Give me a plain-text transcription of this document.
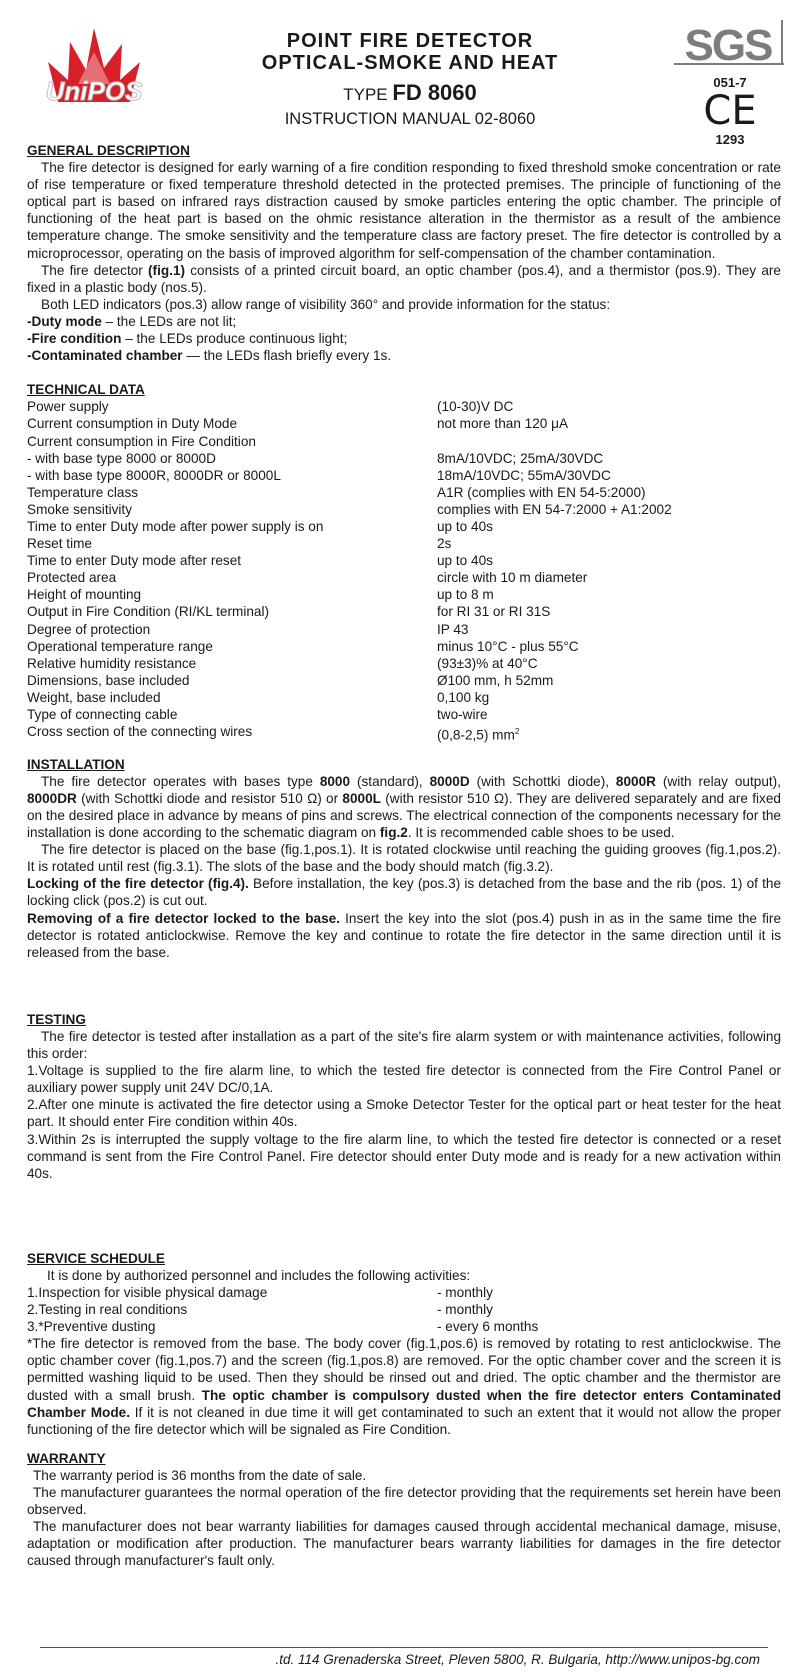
UniPOS
POINT FIRE DETECTOR
OPTICAL-SMOKE AND HEAT
TYPE FD 8060
INSTRUCTION MANUAL 02-8060
SGS
051-7
CE
1293
GENERAL DESCRIPTION

The fire detector is designed for early warning of a fire condition responding to fixed threshold smoke concentration or rate of rise temperature or fixed temperature threshold detected in the protected premises. The principle of functioning of the optical part is based on infrared rays distraction caused by smoke particles entering the optic chamber. The principle of functioning of the heat part is based on the ohmic resistance alteration in the thermistor as a result of the ambience temperature change. The smoke sensitivity and the temperature class are factory preset. The fire detector is controlled by a microprocessor, operating on the basis of improved algorithm for self-compensation of the chamber contamination.

The fire detector (fig.1) consists of a printed circuit board, an optic chamber (pos.4), and a thermistor (pos.9). They are fixed in a plastic body (nos.5).

Both LED indicators (pos.3) allow range of visibility 360° and provide information for the status:

-Duty mode – the LEDs are not lit;

-Fire condition – the LEDs produce continuous light;

-Contaminated chamber — the LEDs flash briefly every 1s.

TECHNICAL DATA
Power supply	(10-30)V DC
Current consumption in Duty Mode	not more than 120 μA
Current consumption in Fire Condition
- with base type 8000 or 8000D	8mA/10VDC; 25mA/30VDC
- with base type 8000R, 8000DR or 8000L	18mA/10VDC; 55mA/30VDC
Temperature class	A1R (complies with EN 54-5:2000)
Smoke sensitivity	complies with EN 54-7:2000 + A1:2002
Time to enter Duty mode after power supply is on	up to 40s
Reset time	2s
Time to enter Duty mode after reset	up to 40s
Protected area	circle with 10 m diameter
Height of mounting	up to 8 m
Output in Fire Condition (RI/KL terminal)	for RI 31 or RI 31S
Degree of protection	IP 43
Operational temperature range	minus 10°C - plus 55°C
Relative humidity resistance	(93±3)% at 40°C
Dimensions, base included	Ø100 mm, h 52mm
Weight, base included	0,100 kg
Type of connecting cable	two-wire
Cross section of the connecting wires	(0,8-2,5) $mm^2$
INSTALLATION

The fire detector operates with bases type 8000 (standard), 8000D (with Schottki diode), 8000R (with relay output), 8000DR (with Schottki diode and resistor 510 Ω) or 8000L (with resistor 510 Ω). They are delivered separately and are fixed on the desired place in advance by means of pins and screws. The electrical connection of the components necessary for the installation is done according to the schematic diagram on fig.2. It is recommended cable shoes to be used.

The fire detector is placed on the base (fig.1,pos.1). It is rotated clockwise until reaching the guiding grooves (fig.1,pos.2). It is rotated until rest (fig.3.1). The slots of the base and the body should match (fig.3.2).

Locking of the fire detector (fig.4). Before installation, the key (pos.3) is detached from the base and the rib (pos. 1) of the locking click (pos.2) is cut out.

Removing of a fire detector locked to the base. Insert the key into the slot (pos.4) push in as in the same time the fire detector is rotated anticlockwise. Remove the key and continue to rotate the fire detector in the same direction until it is released from the base.

TESTING

The fire detector is tested after installation as a part of the site's fire alarm system or with maintenance activities, following this order:

1.Voltage is supplied to the fire alarm line, to which the tested fire detector is connected from the Fire Control Panel or auxiliary power supply unit 24V DC/0,1A.

2.After one minute is activated the fire detector using a Smoke Detector Tester for the optical part or heat tester for the heat part. It should enter Fire condition within 40s.

3.Within 2s is interrupted the supply voltage to the fire alarm line, to which the tested fire detector is connected or a reset command is sent from the Fire Control Panel. Fire detector should enter Duty mode and is ready for a new activation within 40s.

SERVICE SCHEDULE

It is done by authorized personnel and includes the following activities:

1.Inspection for visible physical damage	- monthly
2.Testing in real conditions	- monthly
3.*Preventive dusting	- every 6 months

*The fire detector is removed from the base. The body cover (fig.1,pos.6) is removed by rotating to rest anticlockwise. The optic chamber cover (fig.1,pos.7) and the screen (fig.1,pos.8) are removed. For the optic chamber cover and the screen it is permitted washing liquid to be used. Then they should be rinsed out and dried. The optic chamber and the thermistor are dusted with a small brush. The optic chamber is compulsory dusted when the fire detector enters Contaminated Chamber Mode. If it is not cleaned in due time it will get contaminated to such an extent that it would not allow the proper functioning of the fire detector which will be signaled as Fire Condition.

WARRANTY

The warranty period is 36 months from the date of sale.

The manufacturer guarantees the normal operation of the fire detector providing that the requirements set herein have been observed.

The manufacturer does not bear warranty liabilities for damages caused through accidental mechanical damage, misuse, adaptation or modification after production. The manufacturer bears warranty liabilities for damages in the fire detector caused through manufacturer's fault only.

.td. 114 Grenaderska Street, Pleven 5800, R. Bulgaria, http://www.unipos-bg.com
